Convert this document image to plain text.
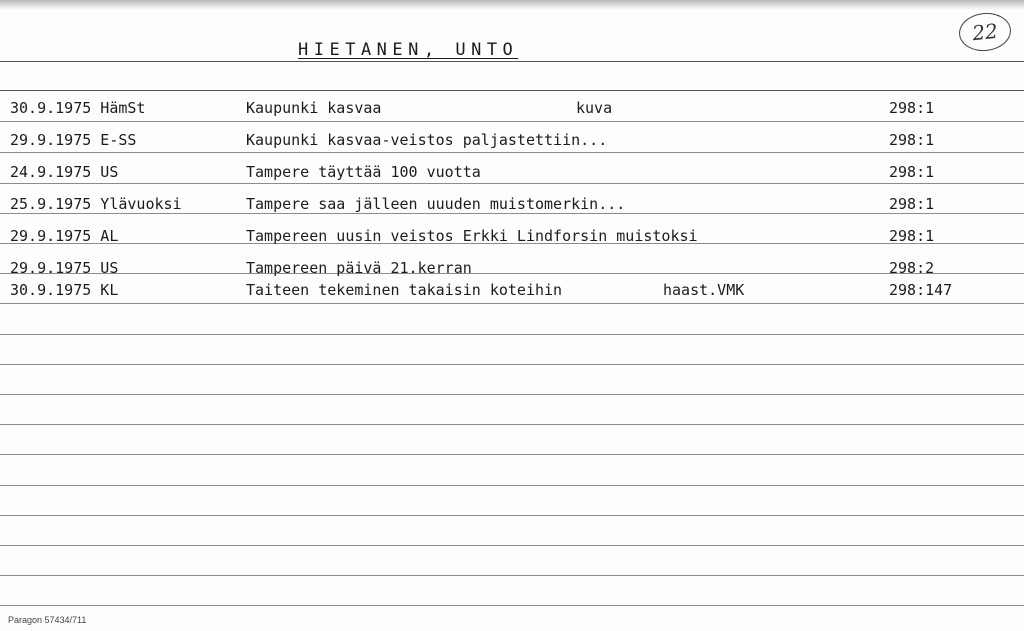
HIETANEN, UNTO
22
30.9.1975 HämSt	Kaupunki kasvaa	kuva	298:1
29.9.1975 E-SS	Kaupunki kasvaa-veistos paljastettiin...	298:1
24.9.1975 US	Tampere täyttää 100 vuotta	298:1
25.9.1975 Ylävuoksi	Tampere saa jälleen uuuden muistomerkin...	298:1
29.9.1975 AL	Tampereen uusin veistos Erkki Lindforsin muistoksi	298:1
29.9.1975 US	Tampereen päivä 21.kerran	298:2
30.9.1975 KL	Taiteen tekeminen takaisin koteihin	haast.VMK	298:147
Paragon 57434/711
